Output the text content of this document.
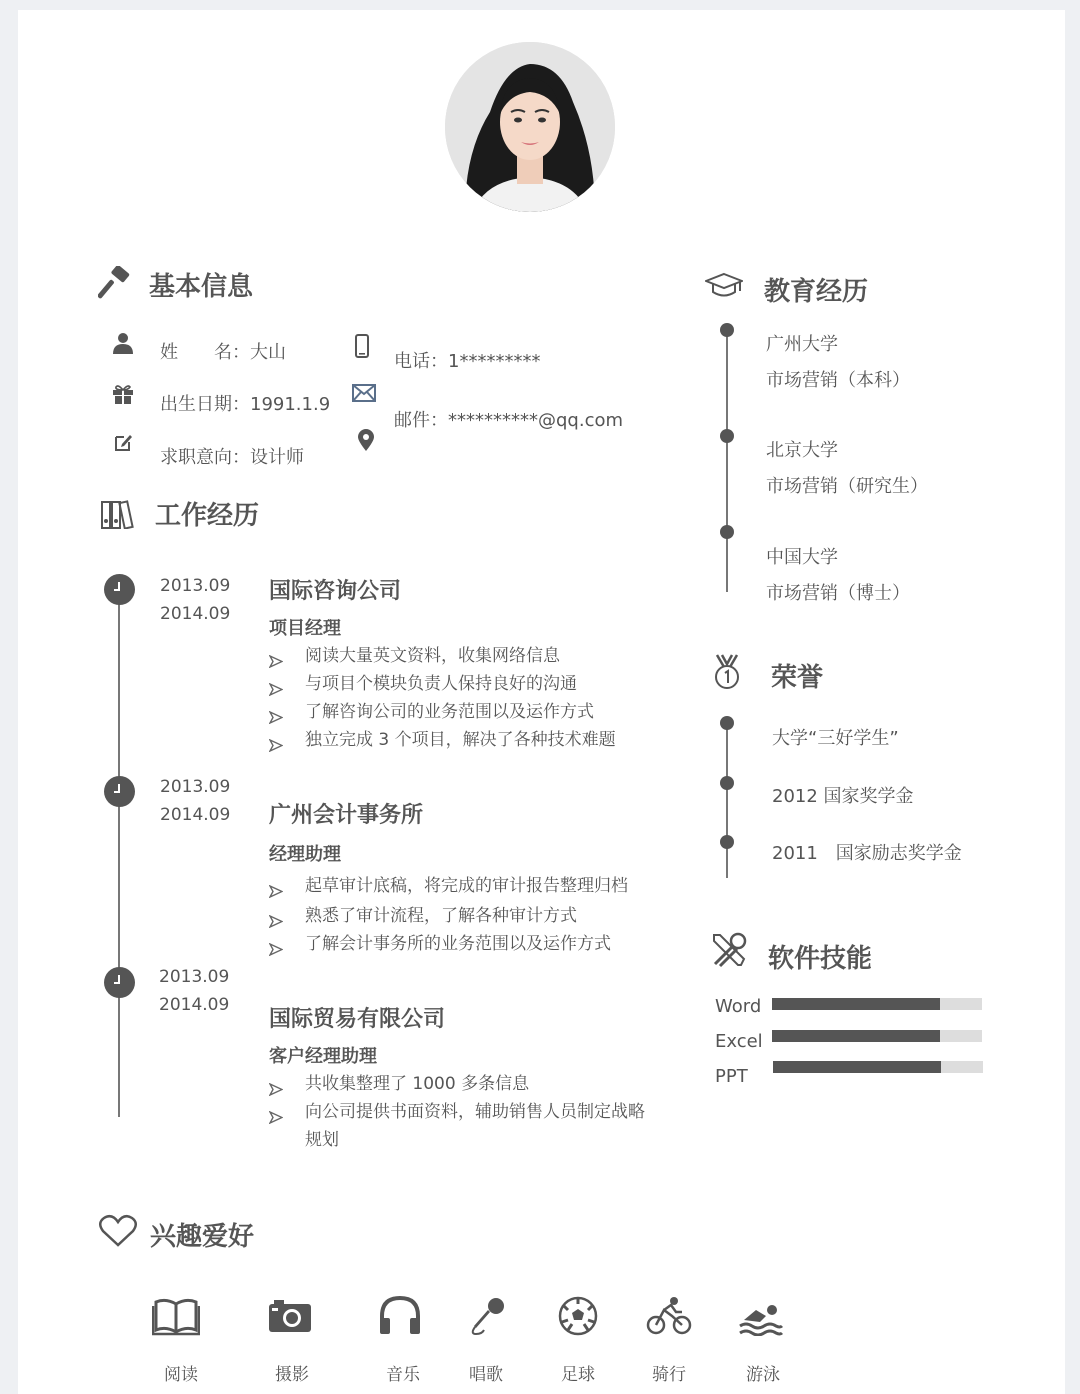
基本信息
姓　　名：大山
出生日期：1991.1.9
求职意向：设计师
电话：1*********
邮件：**********@qq.com
工作经历
2013.09
2014.09
国际咨询公司
项目经理
阅读大量英文资料，收集网络信息
与项目个模块负责人保持良好的沟通
了解咨询公司的业务范围以及运作方式
独立完成 3 个项目，解决了各种技术难题
2013.09
2014.09 广州会计事务所
经理助理
起草审计底稿，将完成的审计报告整理归档
熟悉了审计流程，了解各种审计方式
了解会计事务所的业务范围以及运作方式
2013.09
2014.09
国际贸易有限公司
客户经理助理
共收集整理了 1000 多条信息
向公司提供书面资料，辅助销售人员制定战略规划
教育经历
广州大学
市场营销（本科）
北京大学
市场营销（研究生）
中国大学
市场营销（博士）
荣誉
大学“三好学生”
2012 国家奖学金
2011　国家励志奖学金
软件技能
Word
Excel
PPT
兴趣爱好
阅读	摄影	音乐	唱歌	足球	骑行	游泳
